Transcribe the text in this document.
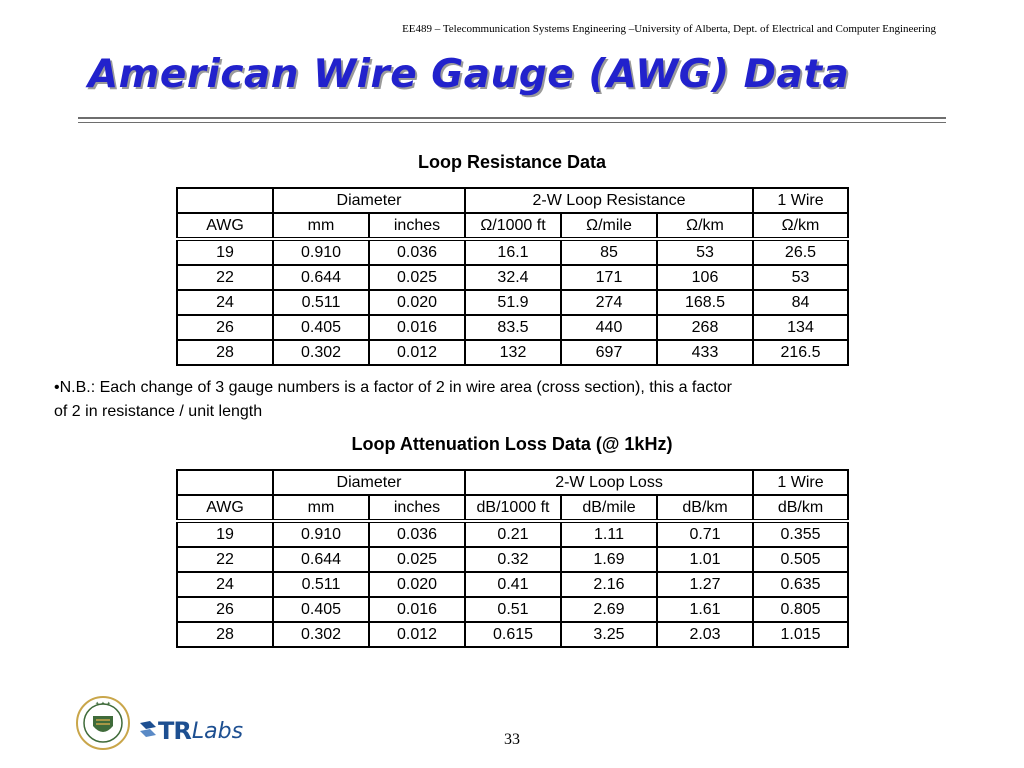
EE489 – Telecommunication Systems Engineering –University of Alberta, Dept. of Electrical and Computer Engineering
American Wire Gauge (AWG) Data
Loop Resistance Data
	Diameter		2-W Loop Resistance			1 Wire
AWG	mm	inches	Ω/1000 ft	Ω/mile	Ω/km	Ω/km
19	0.910	0.036	16.1	85	53	26.5
22	0.644	0.025	32.4	171	106	53
24	0.511	0.020	51.9	274	168.5	84
26	0.405	0.016	83.5	440	268	134
28	0.302	0.012	132	697	433	216.5
•N.B.: Each change of 3 gauge numbers is a factor of 2 in wire area (cross section), this a factor
of 2 in resistance / unit length
Loop Attenuation Loss Data (@ 1kHz)
	Diameter		2-W Loop Loss			1 Wire
AWG	mm	inches	dB/1000 ft	dB/mile	dB/km	dB/km
19	0.910	0.036	0.21	1.11	0.71	0.355
22	0.644	0.025	0.32	1.69	1.01	0.505
24	0.511	0.020	0.41	2.16	1.27	0.635
26	0.405	0.016	0.51	2.69	1.61	0.805
28	0.302	0.012	0.615	3.25	2.03	1.015
✦ ✦ ✦
TR Labs	33
